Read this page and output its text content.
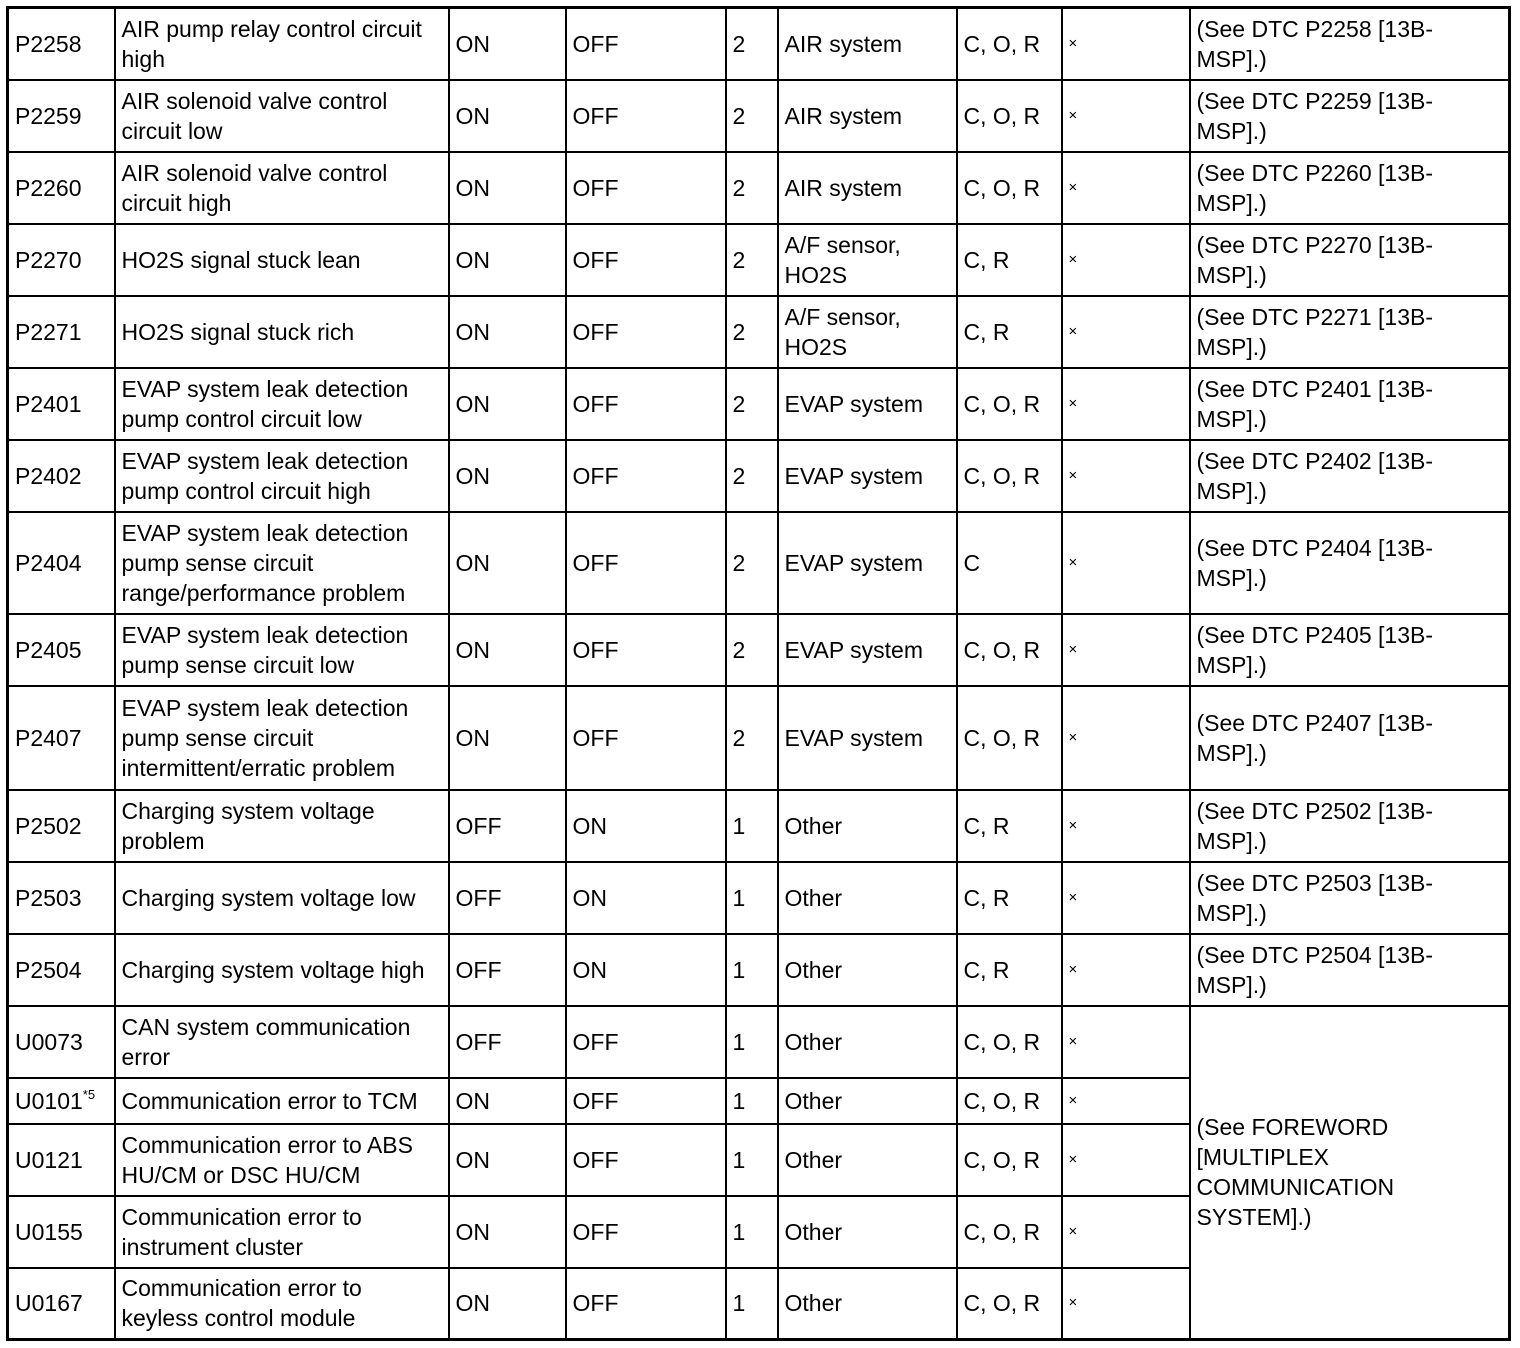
P2258	AIR pump relay control circuit high	ON	OFF	2	AIR system	C, O, R	×	(See DTC P2258 [13B-MSP].)
P2259	AIR solenoid valve control circuit low	ON	OFF	2	AIR system	C, O, R	×	(See DTC P2259 [13B-MSP].)
P2260	AIR solenoid valve control circuit high	ON	OFF	2	AIR system	C, O, R	×	(See DTC P2260 [13B-MSP].)
P2270	HO2S signal stuck lean	ON	OFF	2	A/F sensor, HO2S	C, R	×	(See DTC P2270 [13B-MSP].)
P2271	HO2S signal stuck rich	ON	OFF	2	A/F sensor, HO2S	C, R	×	(See DTC P2271 [13B-MSP].)
P2401	EVAP system leak detection pump control circuit low	ON	OFF	2	EVAP system	C, O, R	×	(See DTC P2401 [13B-MSP].)
P2402	EVAP system leak detection pump control circuit high	ON	OFF	2	EVAP system	C, O, R	×	(See DTC P2402 [13B-MSP].)
P2404	EVAP system leak detection pump sense circuit range/performance problem	ON	OFF	2	EVAP system	C	×	(See DTC P2404 [13B-MSP].)
P2405	EVAP system leak detection pump sense circuit low	ON	OFF	2	EVAP system	C, O, R	×	(See DTC P2405 [13B-MSP].)
P2407	EVAP system leak detection pump sense circuit intermittent/erratic problem	ON	OFF	2	EVAP system	C, O, R	×	(See DTC P2407 [13B-MSP].)
P2502	Charging system voltage problem	OFF	ON	1	Other	C, R	×	(See DTC P2502 [13B-MSP].)
P2503	Charging system voltage low	OFF	ON	1	Other	C, R	×	(See DTC P2503 [13B-MSP].)
P2504	Charging system voltage high	OFF	ON	1	Other	C, R	×	(See DTC P2504 [13B-MSP].)
U0073	CAN system communication error	OFF	OFF	1	Other	C, O, R	×	(See FOREWORD [MULTIPLEX COMMUNICATION SYSTEM].)
U0101$^{*5}$	Communication error to TCM	ON	OFF	1	Other	C, O, R	×	
U0121	Communication error to ABS HU/CM or DSC HU/CM	ON	OFF	1	Other	C, O, R	×	
U0155	Communication error to instrument cluster	ON	OFF	1	Other	C, O, R	×	
U0167	Communication error to keyless control module	ON	OFF	1	Other	C, O, R	×	
